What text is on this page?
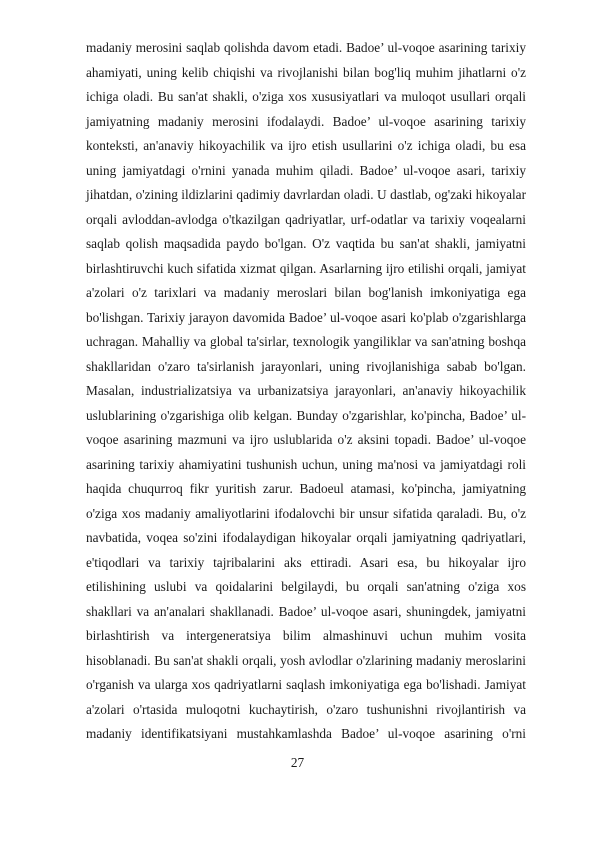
madaniy merosini saqlab qolishda davom etadi. Badoe’ ul-voqoe asarining tarixiy ahamiyati, uning kelib chiqishi va rivojlanishi bilan bog'liq muhim jihatlarni o'z ichiga oladi. Bu san'at shakli, o'ziga xos xususiyatlari va muloqot usullari orqali jamiyatning madaniy merosini ifodalaydi. Badoe’ ul-voqoe asarining tarixiy konteksti, an'anaviy hikoyachilik va ijro etish usullarini o'z ichiga oladi, bu esa uning jamiyatdagi o'rnini yanada muhim qiladi. Badoe’ ul-voqoe asari, tarixiy jihatdan, o'zining ildizlarini qadimiy davrlardan oladi. U dastlab, og'zaki hikoyalar orqali avloddan-avlodga o'tkazilgan qadriyatlar, urf-odatlar va tarixiy voqealarni saqlab qolish maqsadida paydo bo'lgan. O'z vaqtida bu san'at shakli, jamiyatni birlashtiruvchi kuch sifatida xizmat qilgan. Asarlarning ijro etilishi orqali, jamiyat a'zolari o'z tarixlari va madaniy meroslari bilan bog'lanish imkoniyatiga ega bo'lishgan. Tarixiy jarayon davomida Badoe’ ul-voqoe asari ko'plab o'zgarishlarga uchragan. Mahalliy va global ta'sirlar, texnologik yangiliklar va san'atning boshqa shakllaridan o'zaro ta'sirlanish jarayonlari, uning rivojlanishiga sabab bo'lgan. Masalan, industrializatsiya va urbanizatsiya jarayonlari, an'anaviy hikoyachilik uslublarining o'zgarishiga olib kelgan. Bunday o'zgarishlar, ko'pincha, Badoe’ ul-voqoe asarining mazmuni va ijro uslublarida o'z aksini topadi. Badoe’ ul-voqoe asarining tarixiy ahamiyatini tushunish uchun, uning ma'nosi va jamiyatdagi roli haqida chuqurroq fikr yuritish zarur. Badoeul atamasi, ko'pincha, jamiyatning o'ziga xos madaniy amaliyotlarini ifodalovchi bir unsur sifatida qaraladi. Bu, o'z navbatida, voqea so'zini ifodalaydigan hikoyalar orqali jamiyatning qadriyatlari, e'tiqodlari va tarixiy tajribalarini aks ettiradi. Asari esa, bu hikoyalar ijro etilishining uslubi va qoidalarini belgilaydi, bu orqali san'atning o'ziga xos shakllari va an'analari shakllanadi. Badoe’ ul-voqoe asari, shuningdek, jamiyatni birlashtirish va intergeneratsiya bilim almashinuvi uchun muhim vosita hisoblanadi. Bu san'at shakli orqali, yosh avlodlar o'zlarining madaniy meroslarini o'rganish va ularga xos qadriyatlarni saqlash imkoniyatiga ega bo'lishadi. Jamiyat a'zolari o'rtasida muloqotni kuchaytirish, o'zaro tushunishni rivojlantirish va madaniy identifikatsiyani mustahkamlashda Badoe’ ul-voqoe asarining o'rni

27
